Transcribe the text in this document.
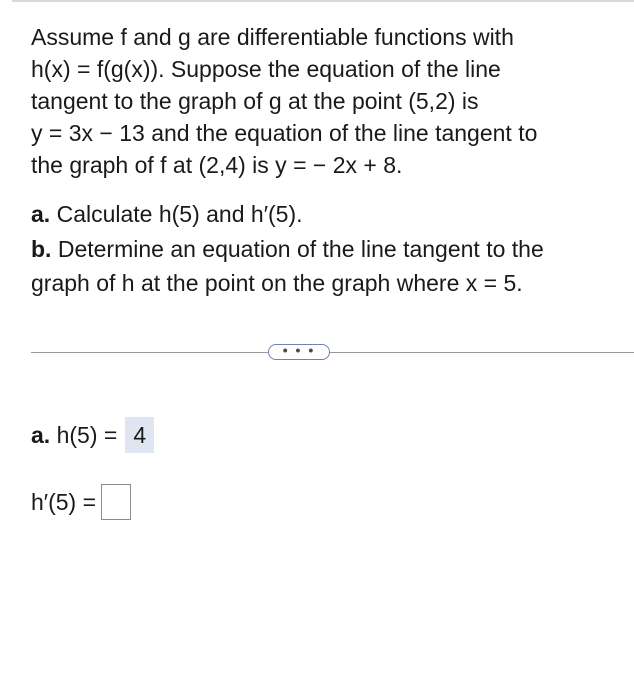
Assume f and g are differentiable functions with

h(x) = f(g(x)). Suppose the equation of the line

tangent to the graph of g at the point (5,2) is

y = 3x − 13 and the equation of the line tangent to

the graph of f at (2,4) is y = − 2x + 8.

a. Calculate h(5) and h′(5).

b. Determine an equation of the line tangent to the

graph of h at the point on the graph where x = 5.

• • •
a. h(5) = 4
h′(5) =
